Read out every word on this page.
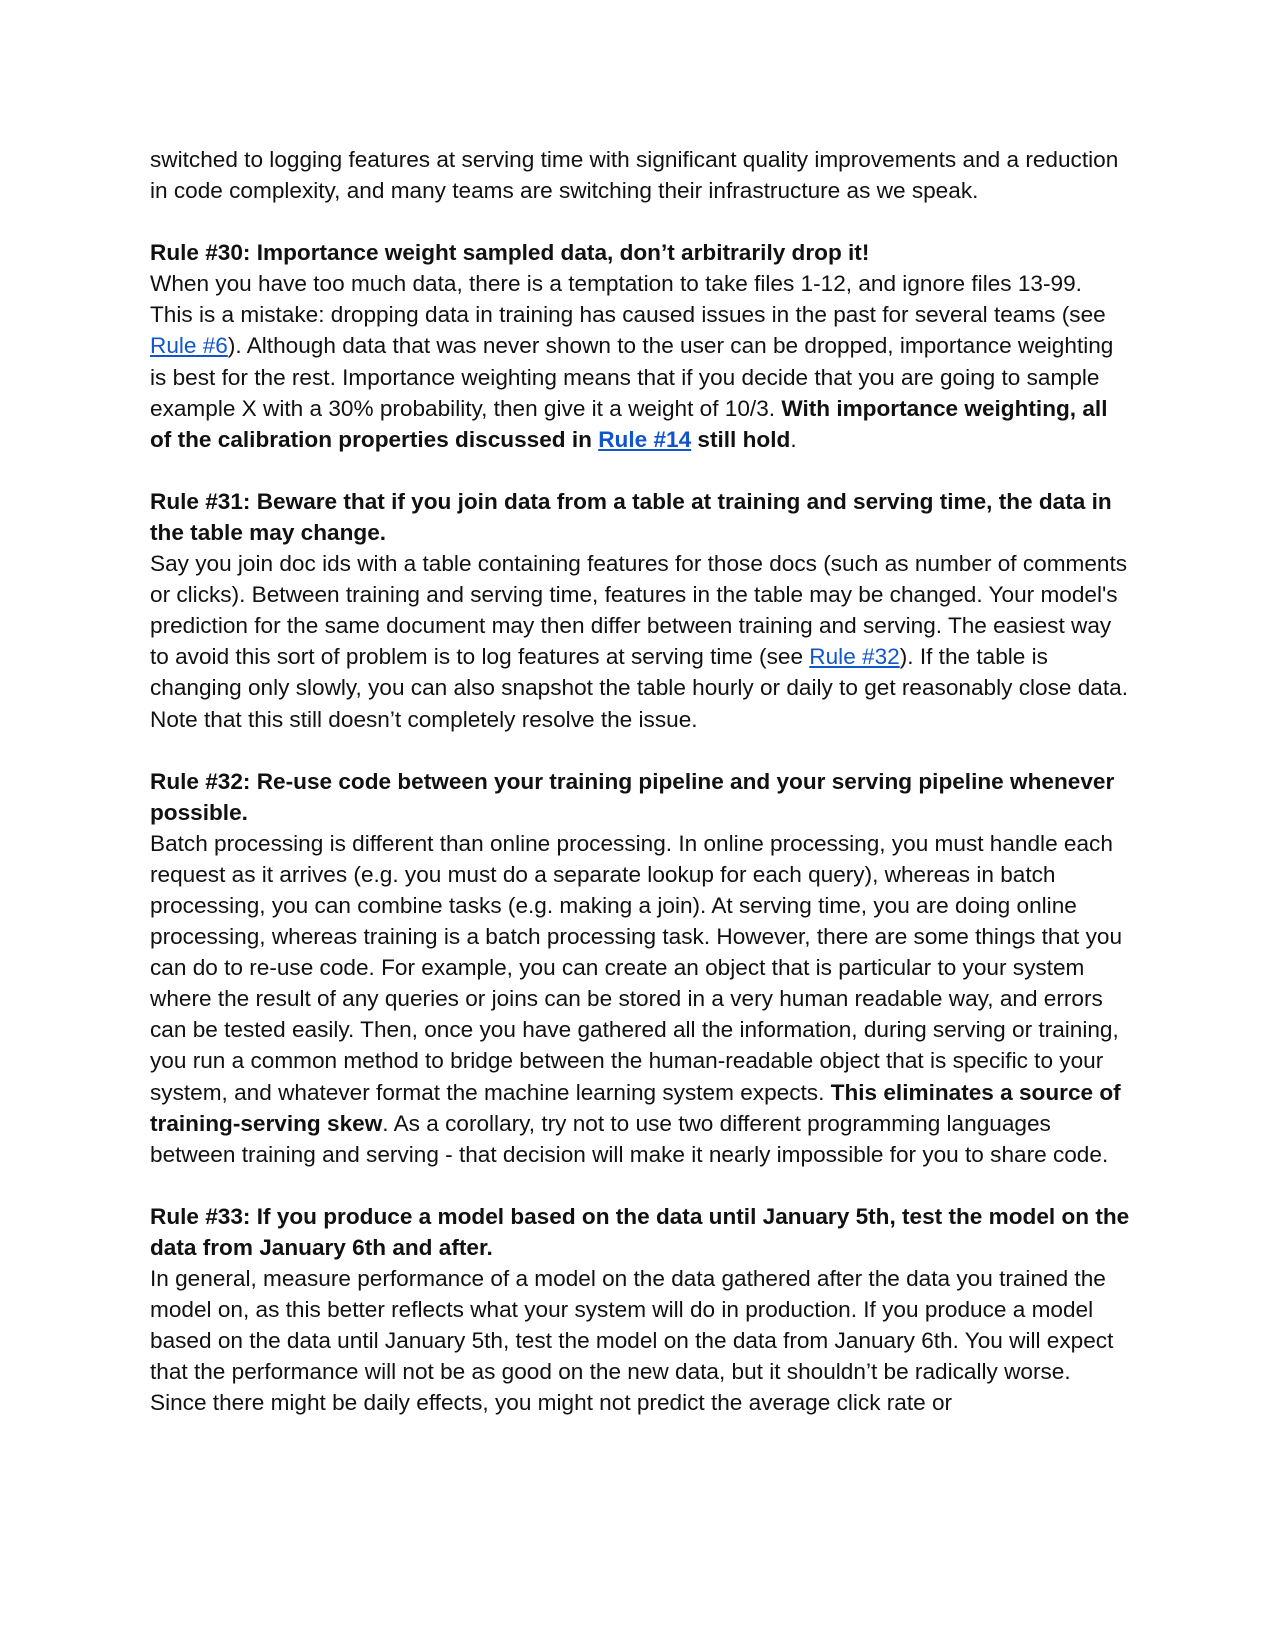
switched to logging features at serving time with significant quality improvements and a reduction in code complexity, and many teams are switching their infrastructure as we speak.

Rule #30: Importance weight sampled data, don’t arbitrarily drop it!

When you have too much data, there is a temptation to take files 1-12, and ignore files 13-99. This is a mistake: dropping data in training has caused issues in the past for several teams (see Rule #6). Although data that was never shown to the user can be dropped, importance weighting is best for the rest. Importance weighting means that if you decide that you are going to sample example X with a 30% probability, then give it a weight of 10/3. With importance weighting, all of the calibration properties discussed in Rule #14 still hold.

Rule #31: Beware that if you join data from a table at training and serving time, the data in the table may change.

Say you join doc ids with a table containing features for those docs (such as number of comments or clicks). Between training and serving time, features in the table may be changed. Your model's prediction for the same document may then differ between training and serving. The easiest way to avoid this sort of problem is to log features at serving time (see Rule #32). If the table is changing only slowly, you can also snapshot the table hourly or daily to get reasonably close data. Note that this still doesn’t completely resolve the issue.

Rule #32: Re-use code between your training pipeline and your serving pipeline whenever possible.

Batch processing is different than online processing. In online processing, you must handle each request as it arrives (e.g. you must do a separate lookup for each query), whereas in batch processing, you can combine tasks (e.g. making a join). At serving time, you are doing online processing, whereas training is a batch processing task. However, there are some things that you can do to re-use code. For example, you can create an object that is particular to your system where the result of any queries or joins can be stored in a very human readable way, and errors can be tested easily. Then, once you have gathered all the information, during serving or training, you run a common method to bridge between the human-readable object that is specific to your system, and whatever format the machine learning system expects. This eliminates a source of training-serving skew. As a corollary, try not to use two different programming languages between training and serving - that decision will make it nearly impossible for you to share code.

Rule #33: If you produce a model based on the data until January 5th, test the model on the data from January 6th and after.

In general, measure performance of a model on the data gathered after the data you trained the model on, as this better reflects what your system will do in production. If you produce a model based on the data until January 5th, test the model on the data from January 6th. You will expect that the performance will not be as good on the new data, but it shouldn’t be radically worse. Since there might be daily effects, you might not predict the average click rate or
